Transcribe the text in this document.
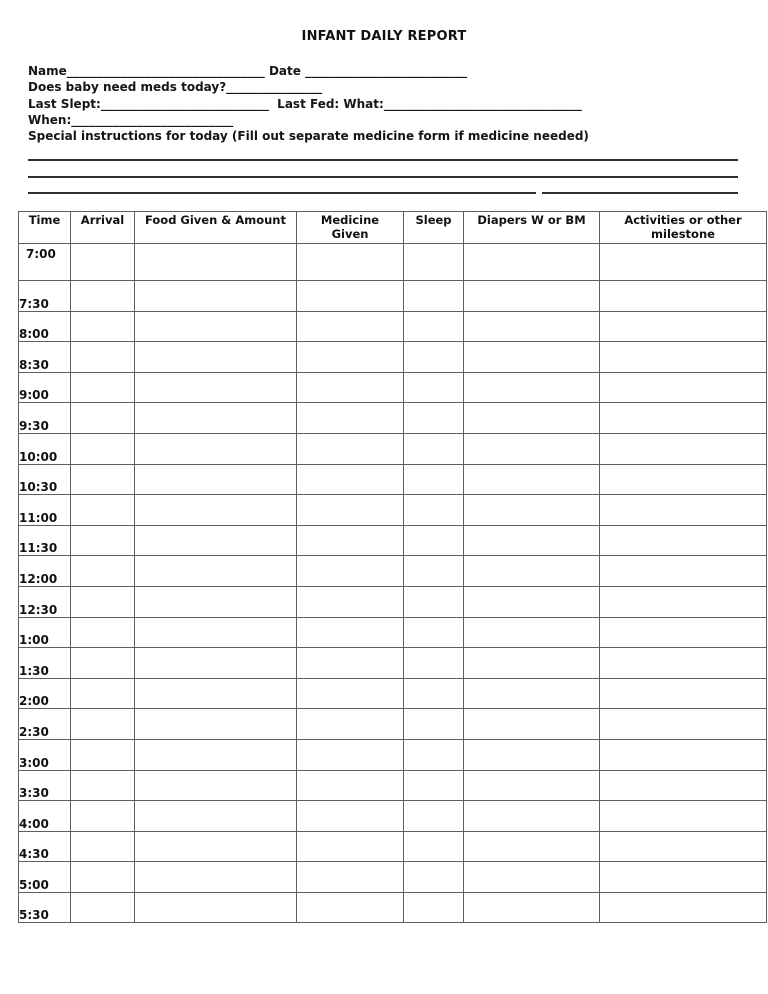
INFANT DAILY REPORT
Name_________________________________ Date ___________________________
Does baby need meds today?________________
Last Slept:____________________________  Last Fed: What:_________________________________
When:___________________________
Special instructions for today (Fill out separate medicine form if medicine needed)
Time	Arrival	Food Given & Amount	Medicine Given	Sleep	Diapers W or BM	Activities or other milestone
7:00						
7:30						
8:00						
8:30						
9:00						
9:30						
10:00						
10:30						
11:00						
11:30						
12:00						
12:30						
1:00						
1:30						
2:00						
2:30						
3:00						
3:30						
4:00						
4:30						
5:00						
5:30						
